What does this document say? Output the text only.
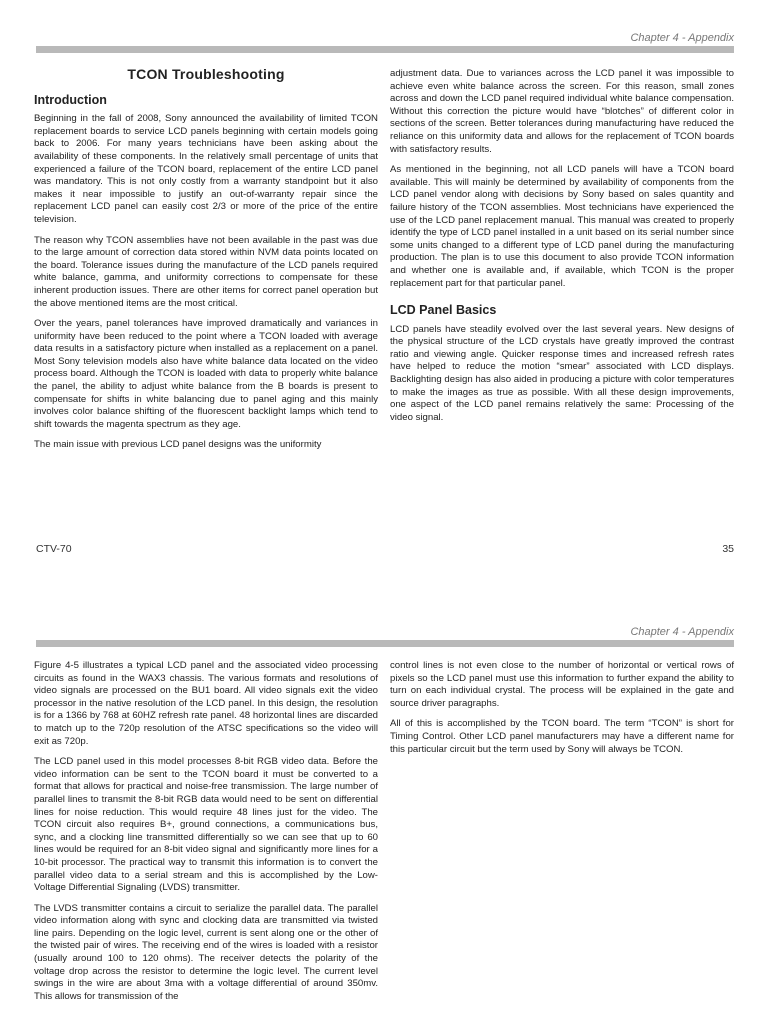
Chapter 4 - Appendix
TCON Troubleshooting
Introduction

Beginning in the fall of 2008, Sony announced the availability of limited TCON replacement boards to service LCD panels beginning with certain models going back to 2006. For many years technicians have been asking about the availability of these components. In the relatively small percentage of units that experienced a failure of the TCON board, replacement of the entire LCD panel was mandatory. This is not only costly from a warranty standpoint but it also makes it near impossible to justify an out-of-warranty repair since the replacement LCD panel can easily cost 2/3 or more of the price of the entire television.

The reason why TCON assemblies have not been available in the past was due to the large amount of correction data stored within NVM data points located on the board. Tolerance issues during the manufacture of the LCD panels required white balance, gamma, and uniformity corrections to compensate for these inherent production issues. There are other items for correct panel operation but the above mentioned items are the most critical.

Over the years, panel tolerances have improved dramatically and variances in uniformity have been reduced to the point where a TCON loaded with average data results in a satisfactory picture when installed as a replacement on a panel. Most Sony television models also have white balance data located on the video process board. Although the TCON is loaded with data to properly white balance the panel, the ability to adjust white balance from the B boards is present to compensate for shifts in white balancing due to panel aging and this mainly involves color balance shifting of the fluorescent backlight lamps which tend to shift towards the magenta spectrum as they age.

The main issue with previous LCD panel designs was the uniformity

adjustment data. Due to variances across the LCD panel it was impossible to achieve even white balance across the screen. For this reason, small zones across and down the LCD panel required individual white balance compensation. Without this correction the picture would have “blotches” of different color in sections of the screen. Better tolerances during manufacturing have reduced the reliance on this uniformity data and allows for the replacement of TCON boards with satisfactory results.

As mentioned in the beginning, not all LCD panels will have a TCON board available. This will mainly be determined by availability of components from the LCD panel vendor along with decisions by Sony based on sales quantity and failure history of the TCON assemblies. Most technicians have experienced the use of the LCD panel replacement manual. This manual was created to properly identify the type of LCD panel installed in a unit based on its serial number since some units changed to a different type of LCD panel during the manufacturing production. The plan is to use this document to also provide TCON information and whether one is available and, if available, which TCON is the proper replacement part for that particular panel.

LCD Panel Basics

LCD panels have steadily evolved over the last several years. New designs of the physical structure of the LCD crystals have greatly improved the contrast ratio and viewing angle. Quicker response times and increased refresh rates have helped to reduce the motion “smear” associated with LCD displays. Backlighting design has also aided in producing a picture with color temperatures to make the images as true as possible. With all these design improvements, one aspect of the LCD panel remains relatively the same: Processing of the video signal.

CTV-70	35
Chapter 4 - Appendix

Figure 4-5 illustrates a typical LCD panel and the associated video processing circuits as found in the WAX3 chassis. The various formats and resolutions of video signals are processed on the BU1 board. All video signals exit the video processor in the native resolution of the LCD panel. In this design, the resolution is for a 1366 by 768 at 60HZ refresh rate panel. 48 horizontal lines are discarded to match up to the 720p resolution of the ATSC specifications so the video will exit as 720p.

The LCD panel used in this model processes 8-bit RGB video data. Before the video information can be sent to the TCON board it must be converted to a format that allows for practical and noise-free transmission. The large number of parallel lines to transmit the 8-bit RGB data would need to be sent on differential lines for noise reduction. This would require 48 lines just for the video. The TCON circuit also requires B+, ground connections, a communications bus, sync, and a clocking line transmitted differentially so we can see that up to 60 lines would be required for an 8-bit video signal and significantly more lines for a 10-bit processor. The practical way to transmit this information is to convert the parallel video data to a serial stream and this is accomplished by the Low-Voltage Differential Signaling (LVDS) transmitter.

The LVDS transmitter contains a circuit to serialize the parallel data. The parallel video information along with sync and clocking data are transmitted via twisted line pairs. Depending on the logic level, current is sent along one or the other of the twisted pair of wires. The receiving end of the wires is loaded with a resistor (usually around 100 to 120 ohms). The receiver detects the polarity of the voltage drop across the resistor to determine the logic level. The current level swings in the wire are about 3ma with a voltage differential of around 350mv. This allows for transmission of the

control lines is not even close to the number of horizontal or vertical rows of pixels so the LCD panel must use this information to further expand the ability to turn on each individual crystal. The process will be explained in the gate and source driver paragraphs.

All of this is accomplished by the TCON board. The term “TCON” is short for Timing Control. Other LCD panel manufacturers may have a different name for this particular circuit but the term used by Sony will always be TCON.
